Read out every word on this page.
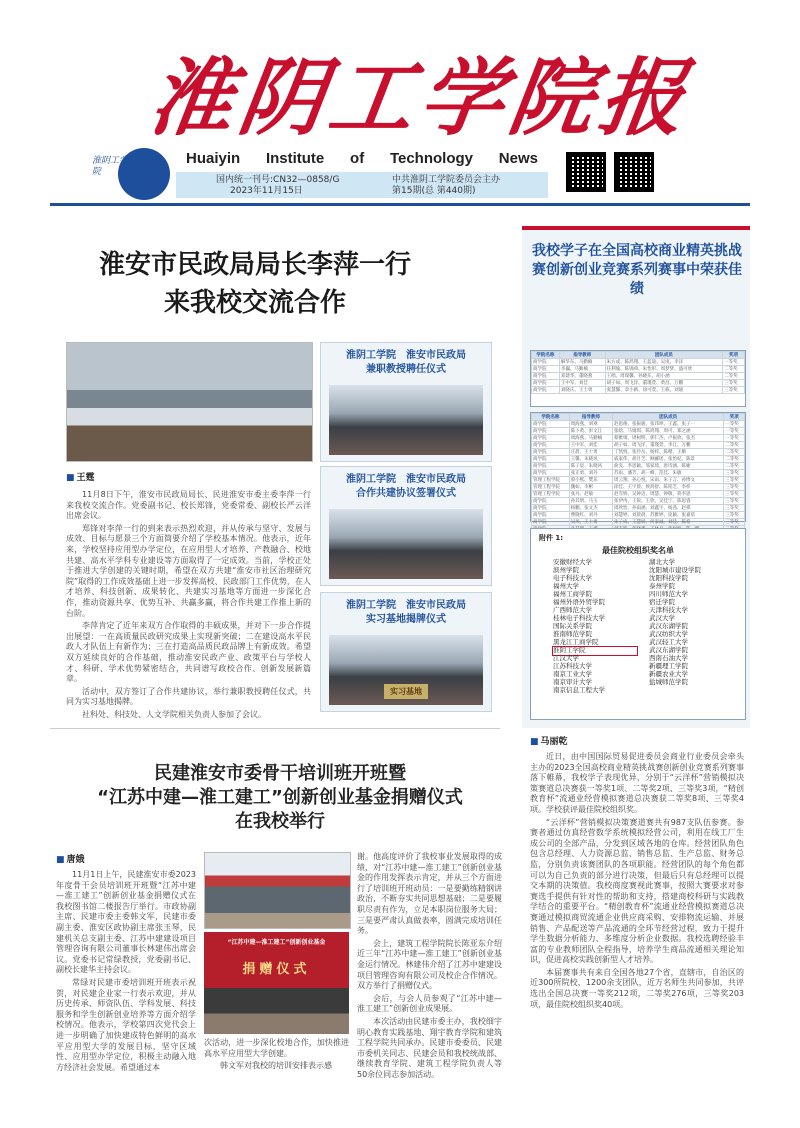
淮阴工学院报
淮阴工学院
Huaiyin Institute of Technology News
国内统一刊号:CN32—0858/G
2023年11月15日
中共淮阴工学院委员会主办
第15期(总 第440期)
淮安市民政局局长李萍一行
来我校交流合作
淮阴工学院　淮安市民政局
兼职教授聘任仪式
淮阴工学院　淮安市民政局
合作共建协议签署仪式
淮阴工学院　淮安市民政局
实习基地揭牌仪式
实习基地
■ 王霆

11月8日下午，淮安市民政局局长、民进淮安市委主委李萍一行来我校交流合作。党委副书记、校长郑锋，党委常委、副校长严云洋出席会议。

郑锋对李萍一行的到来表示热烈欢迎，并从传承与坚守、发展与成效、目标与愿景三个方面简要介绍了学校基本情况。他表示，近年来，学校坚持应用型办学定位，在应用型人才培养、产教融合、校地共建、高水平学科专业建设等方面取得了一定成效。当前，学校正处于推进大学创建的关键时期，希望在双方共建“淮安市社区治理研究院”取得的工作成效基础上进一步发挥高校、民政部门工作优势，在人才培养、科技创新、成果转化、共建实习基地等方面进一步深化合作，推动资源共享、优势互补、共赢多赢，将合作共建工作推上新的台阶。

李萍肯定了近年来双方合作取得的丰硕成果，并对下一步合作提出展望：一在高质量民政研究成果上实现新突破；二在建设高水平民政人才队伍上有新作为；三在打造高品质民政品牌上有新成效。希望双方延续良好的合作基础，推动淮安民政产业、政策平台与学校人才、科研、学术优势紧密结合，共同谱写政校合作、创新发展新篇章。

活动中，双方签订了合作共建协议，举行兼职教授聘任仪式，共同为实习基地揭牌。

社科处、科技处、人文学院相关负责人参加了会议。

我校学子在全国高校商业精英挑战赛创新创业竞赛系列赛事中荣获佳绩
学院名称	指导教师	团队成员	奖项
商学院	解华东、马勤楠	朱方成、陈鸿翔、王蓝迪、吴庚、李泽	一等奖
商学院	李巍、马勤楠	任利瑜、陈锦舜、朱怡彤、周梦梦、盛可欣	二等奖
商学院	邓建华、董晓燕	王唱、周瑞馨、孙晓东、胡小涵	二等奖
商学院	王中军、刘佳	胡子如、周飞洋、董瑾萱、黄昌、万鹏	三等奖
商学院	刘晓庆、王士勇	张慧馨、章小鸥、徐可萱、王栋、刘通	三等奖
学院名称	指导教师	团队成员	奖项
商学院	周海燕、刘翠	赵思俊、张振骏、张玮坤、王鑫、张子一	一等奖
商学院	陈卜黄、彭文江	张晗、马婧琪、陈鸿翔、周可、郑之涵	一等奖
商学院	周海燕、马勤楠	蔡雅婧、周树明、郭仁杰、卢振欣、张杰	一等奖
商学院	王中军、刘佳	胡子如、周飞洋、董瑾萱、李江、万鹏	二等奖
商学院	庄晨、王士勇	丁凯悦、张伶岳、杨梓、陈楷、王顺	二等奖
商学院	王馨、朱晓风	戚家伟、胡月芝、顾郦瑶、张怡妃、陈景	二等奖
商学院	陈子宸、朱晓风	俞炎、李思颖、邹家琦、唐诗涵、陈婕	二等奖
商学院	张正勇、刘丹	苏雨、潘芳、胡一峰、范佳、朱敏	三等奖
管理工程学院	蔡小熙、樊乐	周云翔、孙心悦、宋雨、朱子言、孙博文	三等奖
管理工程学院	魏如、李彬	徐佳、王宇晨、侯鸿舒、陈铭芝、李梓	三等奖
管理工程学院	张丹、赵敏	赵雪娇、吴钟迈、周慧、钟敬、蒋李思	三等奖
商学院	孙其明、马玉	张伊冉、王锐、王欣、吴佳宁、陈思睿	三等奖
商学院	杨鹏、张文杰	周欣怡、孙雨涵、刘鑫宇、杨茜、赵祺	三等奖
商学院	曹晓红、刘丹	刘慧婷、刘晨晨、苏雅婷、庞颖、张嘉蓓	三等奖
商学院	吴凤、王士勇	朱子成、王慧妍、何家诚、刘佳、陈希	三等奖

附件 1:
最佳院校组织奖名单
安徽财经大学	湖北大学
滨州学院	沈阳城市建设学院
电子科技大学	沈阳科技学院
福州大学	泰州学院
福州工商学院	四川师范大学
福州外语外贸学院	宿迁学院
广西师范大学	天津科技大学
桂林电子科技大学	武汉大学
国际关系学院	武汉东湖学院
淮南师范学院	武汉纺织大学
黑龙江工商学院	武汉轻工大学
淮阴工学院	武汉东湖学院
江汉大学	西南石油大学
江苏科技大学	新疆理工学院
南京工业大学	新疆农业大学
南京审计大学	盐城师范学院
南京信息工程大学
■ 马丽乾

近日，由中国国际贸易促进委员会商业行业委员会牵头主办的2023全国高校商业精英挑战赛创新创业竞赛系列赛事落下帷幕，我校学子表现优异，分别于“云洋杯”营销模拟决策赛道总决赛获一等奖1项、二等奖2项、三等奖3项，“精创教育杯”流通业经营模拟赛道总决赛获二等奖8项、三等奖4项。学校获评最佳院校组织奖。

“云洋杯”营销模拟决策赛道赛共有987支队伍参赛。参赛者通过仿真经营数学系统模拟经营公司，利用在线工厂生成公司的全部产品，分发到区域各地的仓库。经营团队角色包含总经理、人力资源总监、销售总监、生产总监、财务总监，分别负责该赛团队的各项职能。经营团队的每个角色都可以为自己负责的部分进行决策，但最后只有总经理可以提交本期的决策值。我校商度赛视此赛事，按照大赛要求对参赛选手提供有针对性的帮助和支持，搭建商校科研与实践教学结合的重要平台。“精创教育杯”流通业经营模拟赛道总决赛通过模拟商贸流通企业供应商采购、安排物流运输、并展销售、产品配送等产品流通的全环节经营过程，致力于提升学生数据分析能力、多维度分析企业数据。我校选聘经验丰富的专业教师团队全程指导，培养学生商品流通相关理论知识，促进高校实践创新型人才培养。

本届赛事共有来自全国各地27个省，直辖市，自治区的近300所院校，1200余支团队，近万名师生共同参加，共评选出全国总决赛一等奖212项，二等奖276项，三等奖203项，最佳院校组织奖40项。

民建淮安市委骨干培训班开班暨
“江苏中建—淮工建工”创新创业基金捐赠仪式
在我校举行
■ 唐娥

11月1日上午，民建淮安市委2023年度骨干会员培训班开班暨“江苏中建—淮工建工”创新创业基金捐赠仪式在我校图书馆二楼报告厅举行。市政协副主席、民建市委主委韩文军，民建市委副主委、淮安区政协副主席张玉琴，民建机关总支副主委、江苏中建建设项目管理咨询有限公司董事长林建伟出席会议。党委书记常绿教授，党委副书记、副校长建华主持会议。

常绿对民建市委培训班开班表示祝贺，对民建企业家一行表示欢迎，并从历史传承、师资队伍、学科发展、科技服务和学生创新创业培养等方面介绍学校情况。他表示，学校第四次党代会上进一步明确了加快建成特色鲜明的高水平应用型大学的发展目标，坚守区域性、应用型办学定位，积极主动融入地方经济社会发展。希望通过本

“江苏中建—淮工建工”创新创业基金
捐赠仪式

次活动，进一步深化校地合作，加快推进高水平应用型大学创建。

韩文军对我校的培训安排表示感

谢。他高度评价了我校事业发展取得的成绩，对“江苏中建—淮工建工”创新创业基金的作用发挥表示肯定，并从三个方面进行了培训班开班动员：一是要勤练精钢讲政治，不断夯实共同思想基础；二是要履职尽责有作为，立足本职岗位服务大局；三是要严肃认真做表率，圆满完成培训任务。

会上，建筑工程学院院长陈亚东介绍近三年“江苏中建—淮工建工”创新创业基金运行情况。林建伟介绍了江苏中建建设项目管理咨询有限公司及校企合作情况。双方举行了捐赠仪式。

会后，与会人员参观了“江苏中建—淮工建工”创新创业成果展。

本次活动由民建市委主办，我校细宇明心教育实践基地、翔宇教育学院和建筑工程学院共同承办。民建市委委员、民建市委机关同志、民建会员和我校统战部、继续教育学院、建筑工程学院负责人等50余位同志参加活动。
